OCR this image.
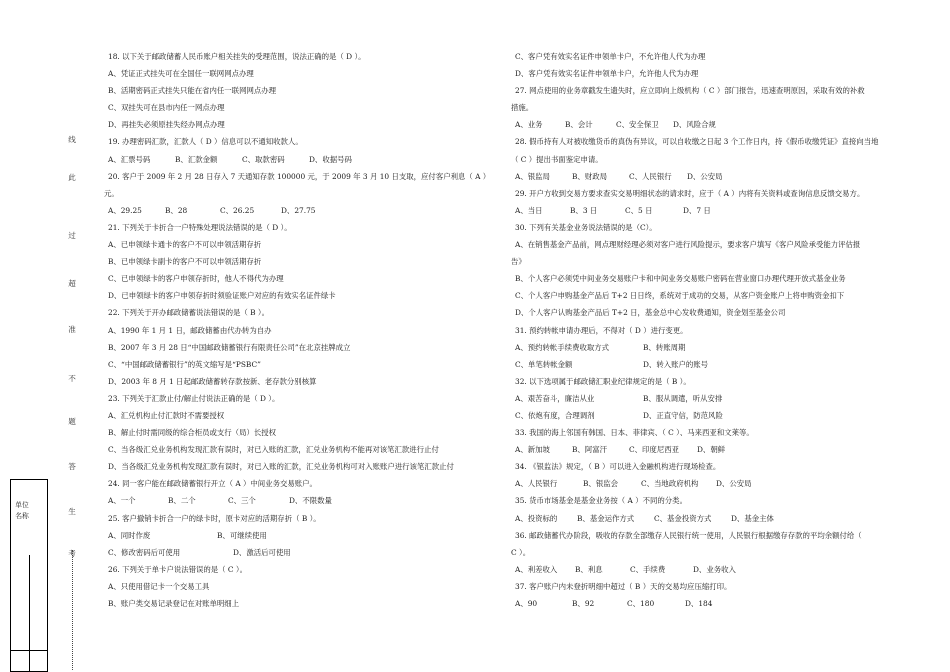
线
此
过
超
准
不
题
答
生
考
单位名称
18. 以下关于邮政储蓄人民币账户相关挂失的受理范围，说法正确的是（ D ）。
A、凭证正式挂失可在全国任一联网网点办理
B、活期密码正式挂失只能在省内任一联网网点办理
C、双挂失可在县市内任一网点办理
D、再挂失必须原挂失经办网点办理
19. 办理密码汇款，汇款人（ D ）信息可以不通知收款人。
A、汇票号码	B、汇款金额	C、取款密码	D、收据号码
20. 客户于 2009 年 2 月 28 日存入 7 天通知存款 100000 元，于 2009 年 3 月 10 日支取，应付客户利息（ A ）
元。
A、29.25	B、28	C、26.25	D、27.75
21. 下列关于卡折合一户特殊处理说法错误的是（ D ）。
A、已申领绿卡通卡的客户不可以申领活期存折
B、已申领绿卡副卡的客户不可以申领活期存折
C、已申领绿卡的客户申领存折时，他人不得代为办理
D、已申领绿卡的客户申领存折时须验证账户对应的有效实名证件绿卡
22. 下列关于开办邮政储蓄说法错误的是（ B ）。
A、1990 年 1 月 1 日，邮政储蓄由代办转为自办
B、2007 年 3 月 28 日“中国邮政储蓄银行有限责任公司”在北京挂牌成立
C、“中国邮政储蓄银行”的英文缩写是“PSBC”
D、2003 年 8 月 1 日起邮政储蓄转存款按新、老存款分别核算
23. 下列关于汇款止付/解止付说法正确的是（ D ）。
A、汇兑机构止付汇款时不需要授权
B、解止付时需同级的综合柜员或支行（局）长授权
C、当各级汇兑业务机构发现汇款有误时，对已入账的汇款，汇兑业务机构不能再对该笔汇款进行止付
D、当各级汇兑业务机构发现汇款有误时，对已入账的汇款，汇兑业务机构可对入账账户进行该笔汇款止付
24. 同一客户能在邮政储蓄银行开立（ A ）中间业务交易账户。
A、一个	B、二个	C、三个	D、不限数量
25. 客户撤销卡折合一户的绿卡时，原卡对应的活期存折（ B ）。
A、同时作废	B、可继续使用
C、修改密码后可使用	D、激活后可使用
26. 下列关于单卡户说法错误的是（ C ）。
A、只使用借记卡一个交易工具
B、账户类交易记录登记在对账单明细上
C、客户凭有效实名证件申领单卡户，不允许他人代为办理
D、客户凭有效实名证件申领单卡户，允许他人代为办理
27. 网点使用的业务章戳发生遗失时，应立即向上级机构（ C ）部门报告，迅速查明原因，采取有效的补救
措施。
A、业务	B、会计	C、安全保卫	D、风险合规
28. 假币持有人对被收缴货币的真伪有异议，可以自收缴之日起 3 个工作日内，持《假币收缴凭证》直接向当地
（ C ）提出书面鉴定申请。
A、银监局	B、财政局	C、人民银行	D、公安局
29. 开户方收到交易方要求查实交易明细状态的请求时，应于（ A ）内将有关资料或查询信息反馈交易方。
A、当日	B、3 日	C、5 日	D、7 日
30. 下列有关基金业务说法错误的是（C）。
A、在销售基金产品前，网点理财经理必须对客户进行风险提示，要求客户填写《客户风险承受能力评估报
告》
B、个人客户必须凭中间业务交易账户卡和中间业务交易账户密码在营业窗口办理代理开放式基金业务
C、个人客户申购基金产品后 T+2 日日终，系统对于成功的交易，从客户资金账户上将申购资金扣下
D、个人客户认购基金产品后 T+2 日，基金总中心发收费通知，资金划至基金公司
31. 预约转帐申请办理后，不得对（ D ）进行变更。
A、预约转帐手续费收取方式	B、转账周期
C、单笔转帐金额	D、转入账户的账号
32. 以下选项属于邮政储汇职业纪律规定的是（ B ）。
A、艰苦奋斗，廉洁从业	B、服从调遣，听从安排
C、依炮有度，合理调剂	D、正直守信，防范风险
33. 我国的海上邻国有韩国、日本、菲律宾、（ C ）、马来西亚和文莱等。
A、新加坡	B、阿富汗	C、印度尼西亚	D、朝鲜
34. 《银监法》规定，（ B ）可以进入金融机构进行现场检查。
A、人民银行	B、银监会	C、当地政府机构	D、公安局
35. 货币市场基金是基金业务按（ A ）不同的分类。
A、投资标的	B、基金运作方式	C、基金投资方式	D、基金主体
36. 邮政储蓄代办阶段，吸收的存款全部缴存人民银行统一使用，人民银行根据缴存存款的平均余额付给（
C ）。
A、利差收入	B、利息	C、手续费	D、业务收入
37. 客户账户内未登折明细中超过（ B ）天的交易均应压缩打印。
A、90	B、92	C、180	D、184
